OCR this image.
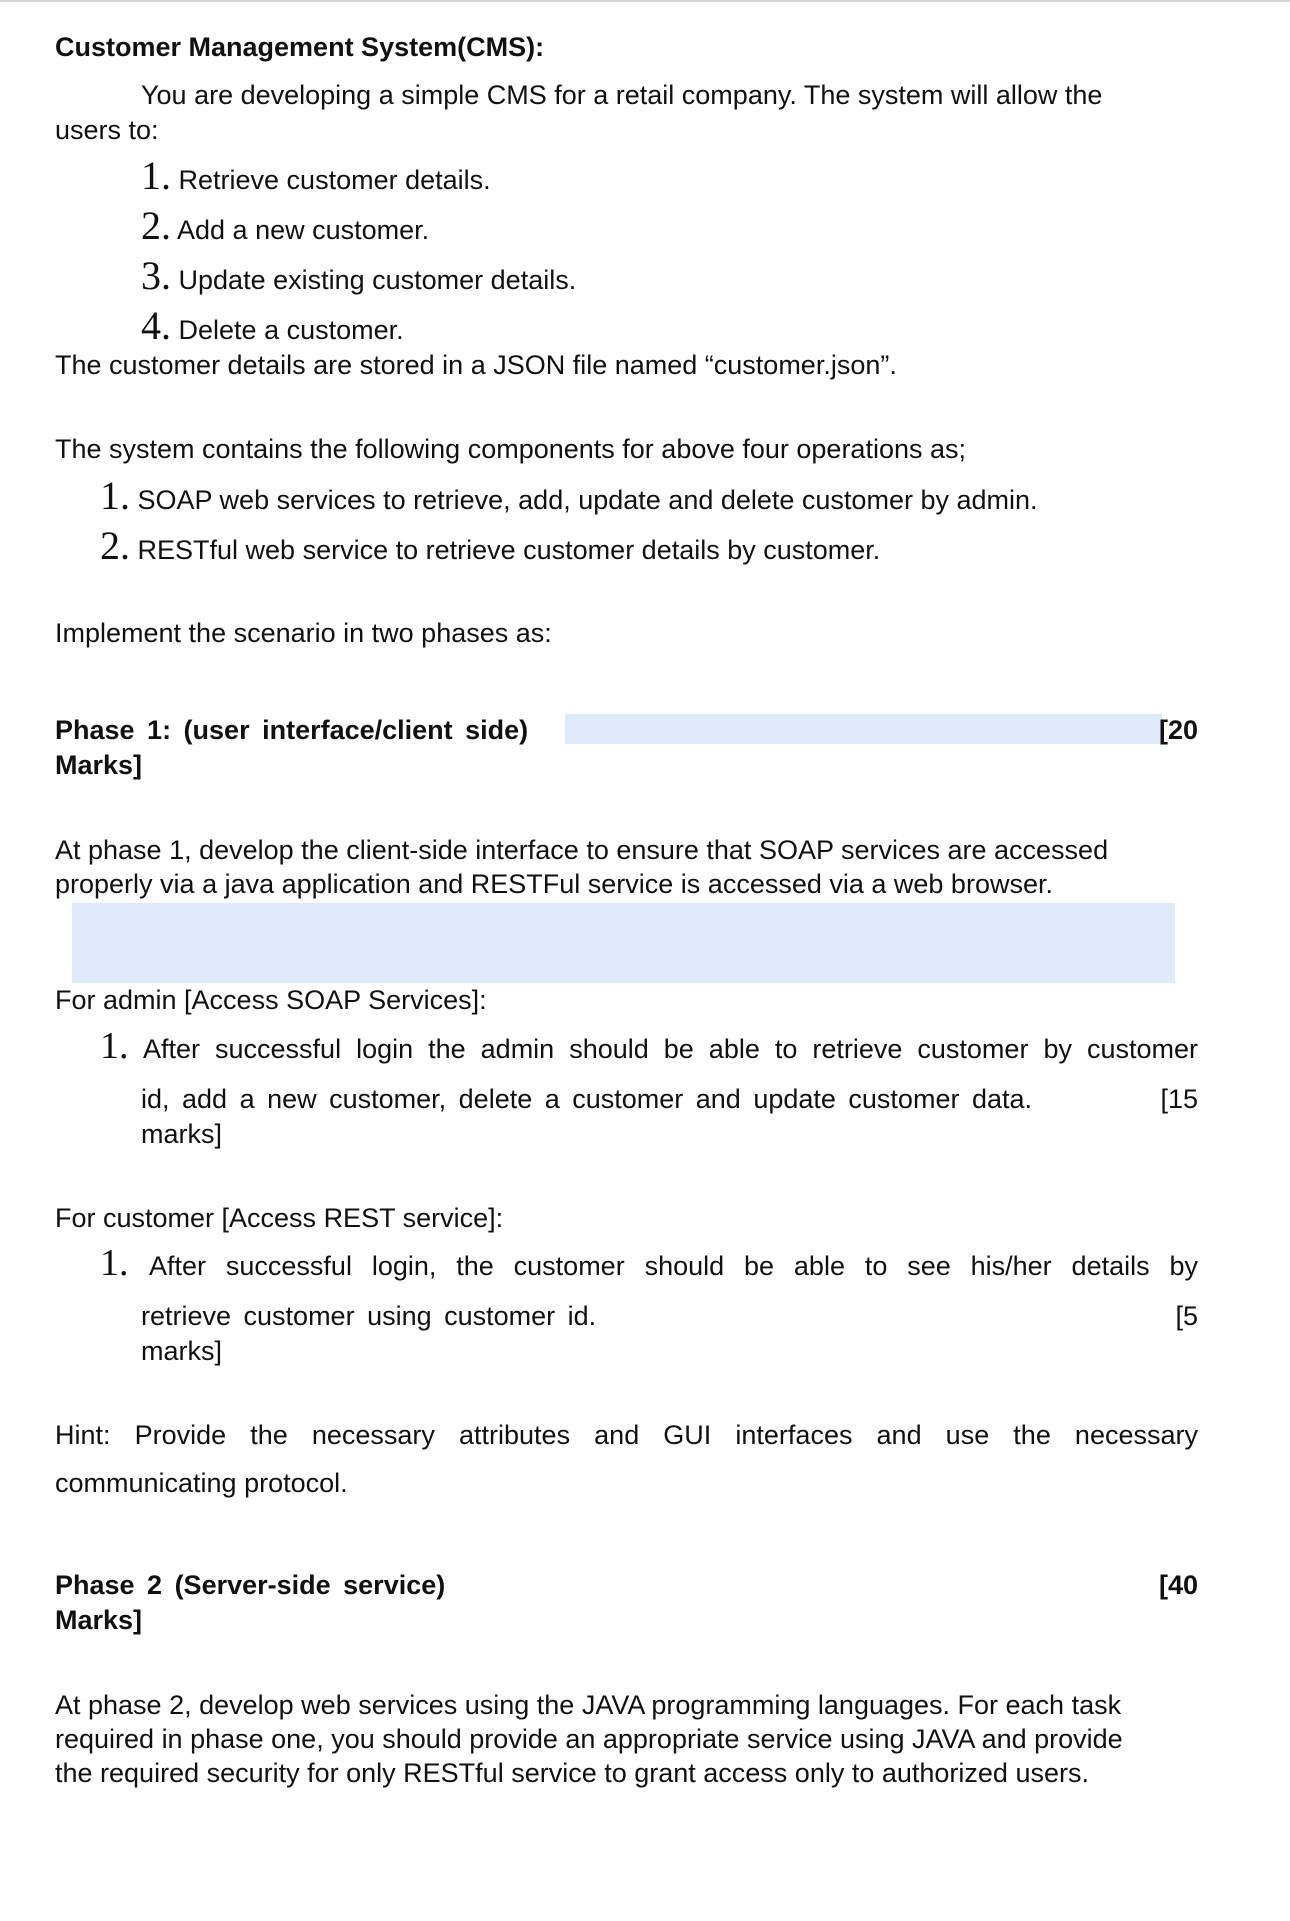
Customer Management System(CMS):
You are developing a simple CMS for a retail company. The system will allow the
users to:
1. Retrieve customer details.
2. Add a new customer.
3. Update existing customer details.
4. Delete a customer.
The customer details are stored in a JSON file named “customer.json”.
The system contains the following components for above four operations as;
1. SOAP web services to retrieve, add, update and delete customer by admin.
2. RESTful web service to retrieve customer details by customer.
Implement the scenario in two phases as:
Phase 1: (user interface/client side)	[20
Marks]
At phase 1, develop the client-side interface to ensure that SOAP services are accessed
properly via a java application and RESTFul service is accessed via a web browser.
For admin [Access SOAP Services]:
1. After successful login the admin should be able to retrieve customer by customer
id, add a new customer, delete a customer and update customer data.	[15
marks]
For customer [Access REST service]:
1. After successful login, the customer should be able to see his/her details by
retrieve customer using customer id.	[5
marks]
Hint: Provide the necessary attributes and GUI interfaces and use the necessary
communicating protocol.
Phase 2 (Server-side service)	[40
Marks]
At phase 2, develop web services using the JAVA programming languages. For each task
required in phase one, you should provide an appropriate service using JAVA and provide
the required security for only RESTful service to grant access only to authorized users.
